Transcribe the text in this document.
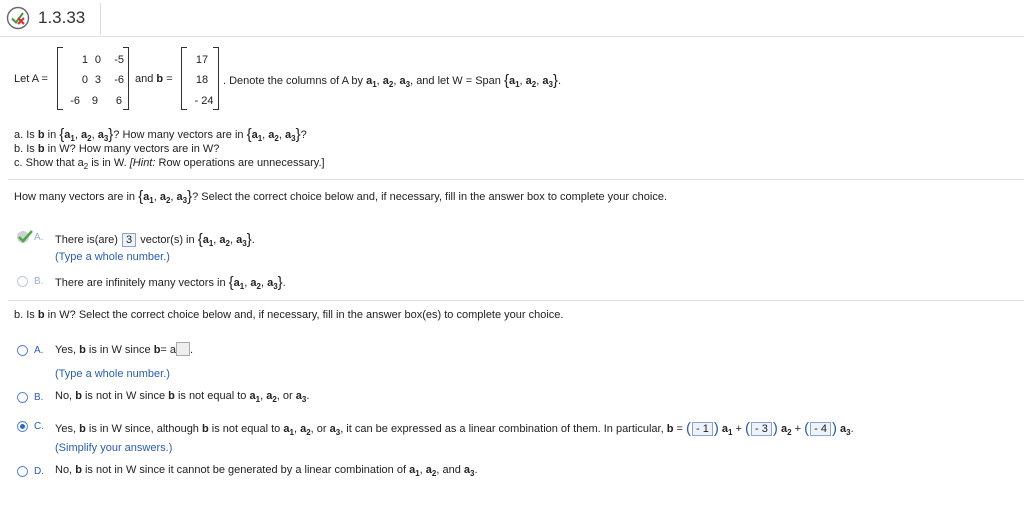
1.3.33
Let A =
1 0	-5
0 3	-6
-6	9	6
and b =
17
18
- 24
. Denote the columns of A by $a_1$, $a_2$, $a_3$, and let W = Span {$a_1$, $a_2$, $a_3$}.
a. Is b in {$a_1$, $a_2$, $a_3$}? How many vectors are in {$a_1$, $a_2$, $a_3$}?
b. Is b in W? How many vectors are in W?
c. Show that $a_2$ is in W. [Hint: Row operations are unnecessary.]
How many vectors are in {$a_1$, $a_2$, $a_3$}? Select the correct choice below and, if necessary, fill in the answer box to complete your choice.
A. There is(are) 3 vector(s) in {$a_1$, $a_2$, $a_3$}.
(Type a whole number.)
B. There are infinitely many vectors in {$a_1$, $a_2$, $a_3$}.
b. Is b in W? Select the correct choice below and, if necessary, fill in the answer box(es) to complete your choice.
A. Yes, b is in W since b= a .
(Type a whole number.)
B. No, b is not in W since b is not equal to $a_1$, $a_2$, or $a_3$.
C. Yes, b is in W since, although b is not equal to $a_1$, $a_2$, or $a_3$, it can be expressed as a linear combination of them. In particular, b = ( - 1 ) $a_1$ + ( - 3 ) $a_2$ + ( - 4 ) $a_3$.
(Simplify your answers.)
D. No, b is not in W since it cannot be generated by a linear combination of $a_1$, $a_2$, and $a_3$.
